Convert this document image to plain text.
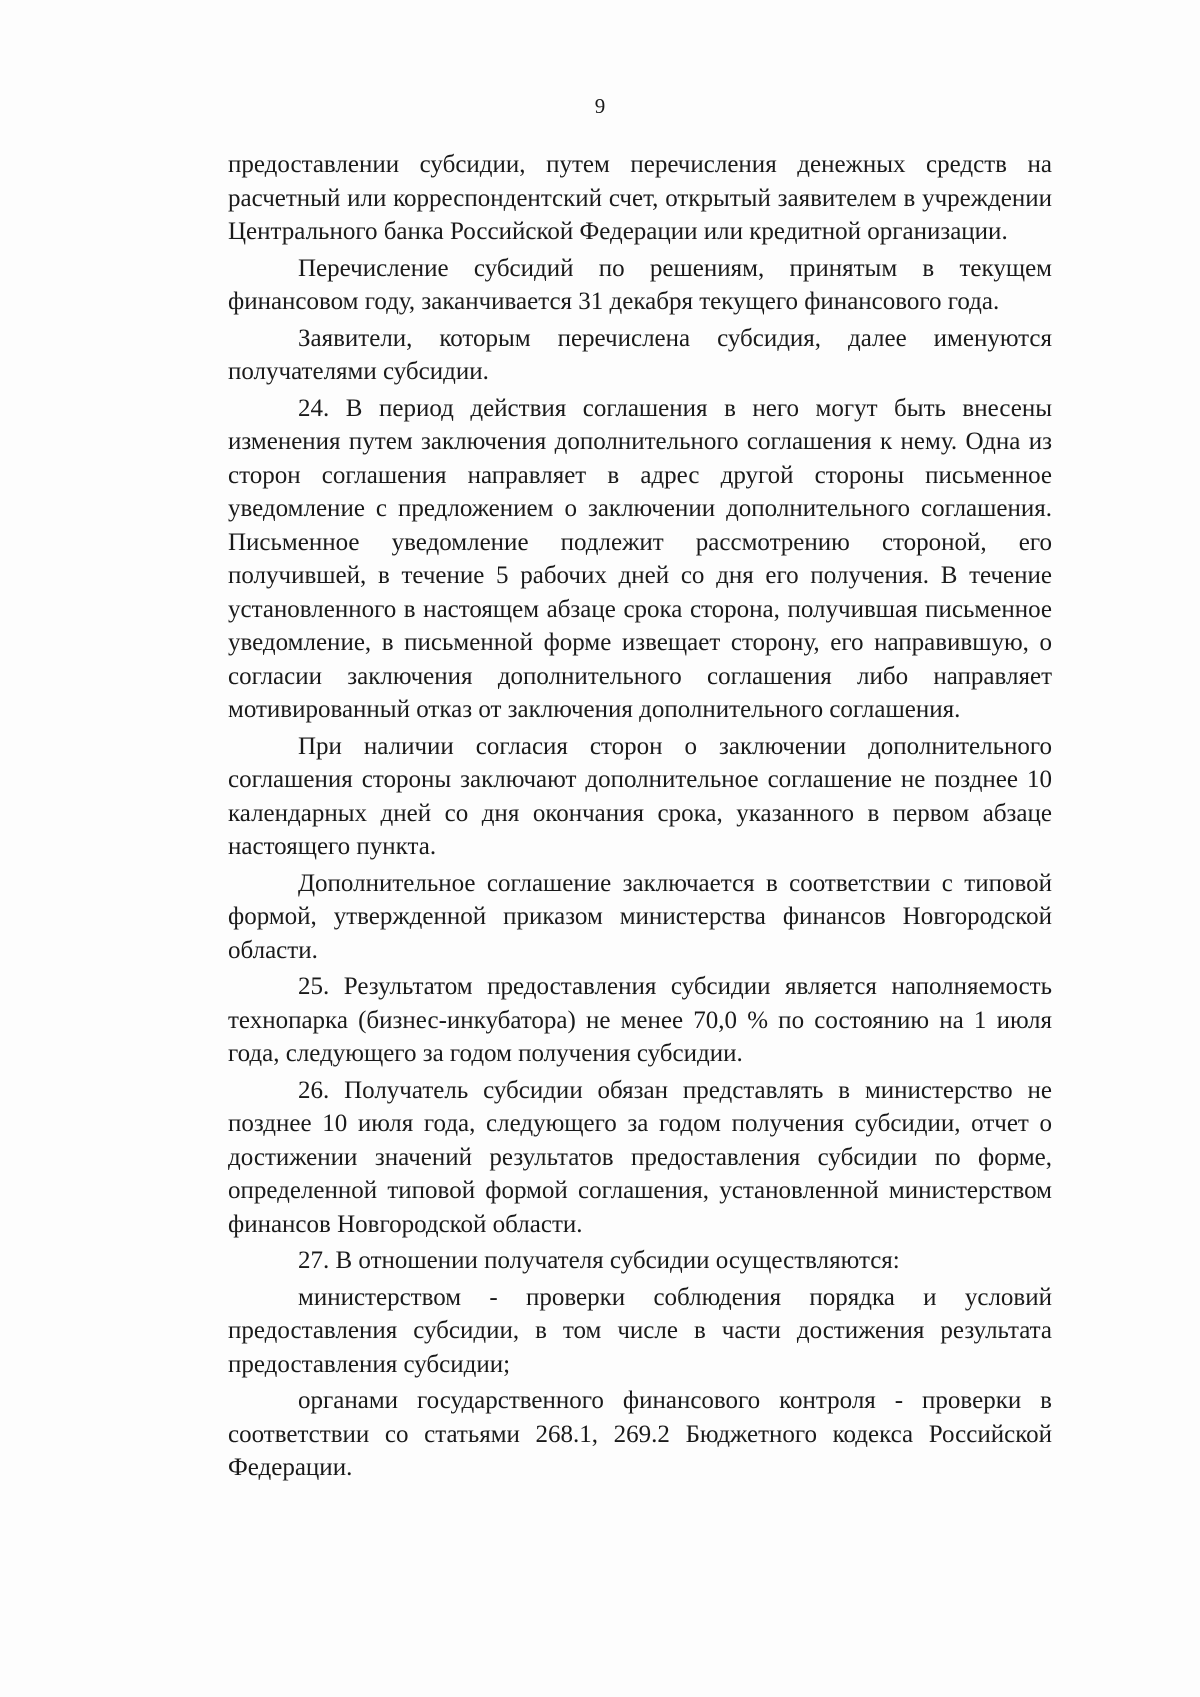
9

предоставлении субсидии, путем перечисления денежных средств на расчетный или корреспондентский счет, открытый заявителем в учреждении Центрального банка Российской Федерации или кредитной организации.

Перечисление субсидий по решениям, принятым в текущем финансовом году, заканчивается 31 декабря текущего финансового года.

Заявители, которым перечислена субсидия, далее именуются получателями субсидии.

24. В период действия соглашения в него могут быть внесены изменения путем заключения дополнительного соглашения к нему. Одна из сторон соглашения направляет в адрес другой стороны письменное уведомление с предложением о заключении дополнительного соглашения. Письменное уведомление подлежит рассмотрению стороной, его получившей, в течение 5 рабочих дней со дня его получения. В течение установленного в настоящем абзаце срока сторона, получившая письменное уведомление, в письменной форме извещает сторону, его направившую, о согласии заключения дополнительного соглашения либо направляет мотивированный отказ от заключения дополнительного соглашения.

При наличии согласия сторон о заключении дополнительного соглашения стороны заключают дополнительное соглашение не позднее 10 календарных дней со дня окончания срока, указанного в первом абзаце настоящего пункта.

Дополнительное соглашение заключается в соответствии с типовой формой, утвержденной приказом министерства финансов Новгородской области.

25. Результатом предоставления субсидии является наполняемость технопарка (бизнес-инкубатора) не менее 70,0 % по состоянию на 1 июля года, следующего за годом получения субсидии.

26. Получатель субсидии обязан представлять в министерство не позднее 10 июля года, следующего за годом получения субсидии, отчет о достижении значений результатов предоставления субсидии по форме, определенной типовой формой соглашения, установленной министерством финансов Новгородской области.

27. В отношении получателя субсидии осуществляются:

министерством - проверки соблюдения порядка и условий предоставления субсидии, в том числе в части достижения результата предоставления субсидии;

органами государственного финансового контроля - проверки в соответствии со статьями 268.1, 269.2 Бюджетного кодекса Российской Федерации.
